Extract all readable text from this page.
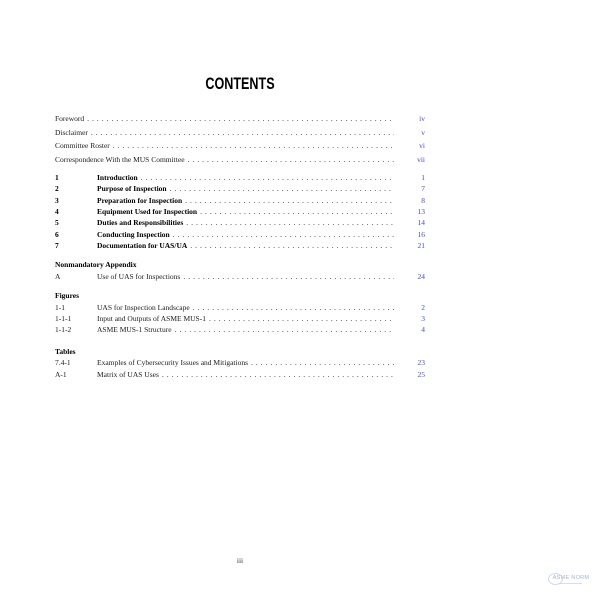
CONTENTS
Foreword .....	iv
Disclaimer .....	v
Committee Roster .....	vi
Correspondence With the MUS Committee .....	vii
1	Introduction .....	1
2	Purpose of Inspection .....	7
3	Preparation for Inspection .....	8
4	Equipment Used for Inspection .....	13
5	Duties and Responsibilities .....	14
6	Conducting Inspection .....	16
7	Documentation for UAS/UA .....	21
Nonmandatory Appendix
A	Use of UAS for Inspections .....	24
Figures
1-1	UAS for Inspection Landscape .....	2
1-1-1	Input and Outputs of ASME MUS-1 .....	3
1-1-2	ASME MUS-1 Structure .....	4
Tables
7.4-1	Examples of Cybersecurity Issues and Mitigations .....	23
A-1	Matrix of UAS Uses .....	25
iii
ASME NORM
